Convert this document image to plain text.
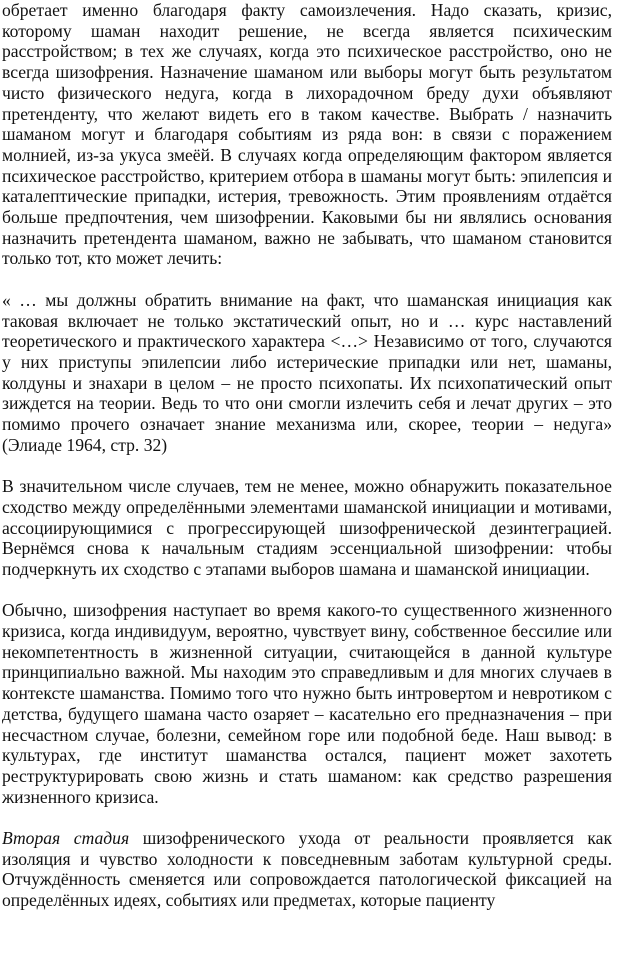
обретает именно благодаря факту самоизлечения. Надо сказать, кризис, которому шаман находит решение, не всегда является психическим расстройством; в тех же случаях, когда это психическое расстройство, оно не всегда шизофрения. Назначение шаманом или выборы могут быть результатом чисто физического недуга, когда в лихорадочном бреду духи объявляют претенденту, что желают видеть его в таком качестве. Выбрать / назначить шаманом могут и благодаря событиям из ряда вон: в связи с поражением молнией, из-за укуса змеёй. В случаях когда определяющим фактором является психическое расстройство, критерием отбора в шаманы могут быть: эпилепсия и каталептические припадки, истерия, тревожность. Этим проявлениям отдаётся больше предпочтения, чем шизофрении. Каковыми бы ни являлись основания назначить претендента шаманом, важно не забывать, что шаманом становится только тот, кто может лечить:

« … мы должны обратить внимание на факт, что шаманская инициация как таковая включает не только экстатический опыт, но и … курс наставлений теоретического и практического характера <…> Независимо от того, случаются у них приступы эпилепсии либо истерические припадки или нет, шаманы, колдуны и знахари в целом – не просто психопаты. Их психопатический опыт зиждется на теории. Ведь то что они смогли излечить себя и лечат других – это помимо прочего означает знание механизма или, скорее, теории – недуга» (Элиаде 1964, стр. 32)

В значительном числе случаев, тем не менее, можно обнаружить показательное сходство между определёнными элементами шаманской инициации и мотивами, ассоциирующимися с прогрессирующей шизофренической дезинтеграцией. Вернёмся снова к начальным стадиям эссенциальной шизофрении: чтобы подчеркнуть их сходство с этапами выборов шамана и шаманской инициации.

Обычно, шизофрения наступает во время какого-то существенного жизненного кризиса, когда индивидуум, вероятно, чувствует вину, собственное бессилие или некомпетентность в жизненной ситуации, считающейся в данной культуре принципиально важной. Мы находим это справедливым и для многих случаев в контексте шаманства. Помимо того что нужно быть интровертом и невротиком с детства, будущего шамана часто озаряет – касательно его предназначения – при несчастном случае, болезни, семейном горе или подобной беде. Наш вывод: в культурах, где институт шаманства остался, пациент может захотеть реструктурировать свою жизнь и стать шаманом: как средство разрешения жизненного кризиса.

Вторая стадия шизофренического ухода от реальности проявляется как изоляция и чувство холодности к повседневным заботам культурной среды. Отчуждённость сменяется или сопровождается патологической фиксацией на определённых идеях, событиях или предметах, которые пациенту
